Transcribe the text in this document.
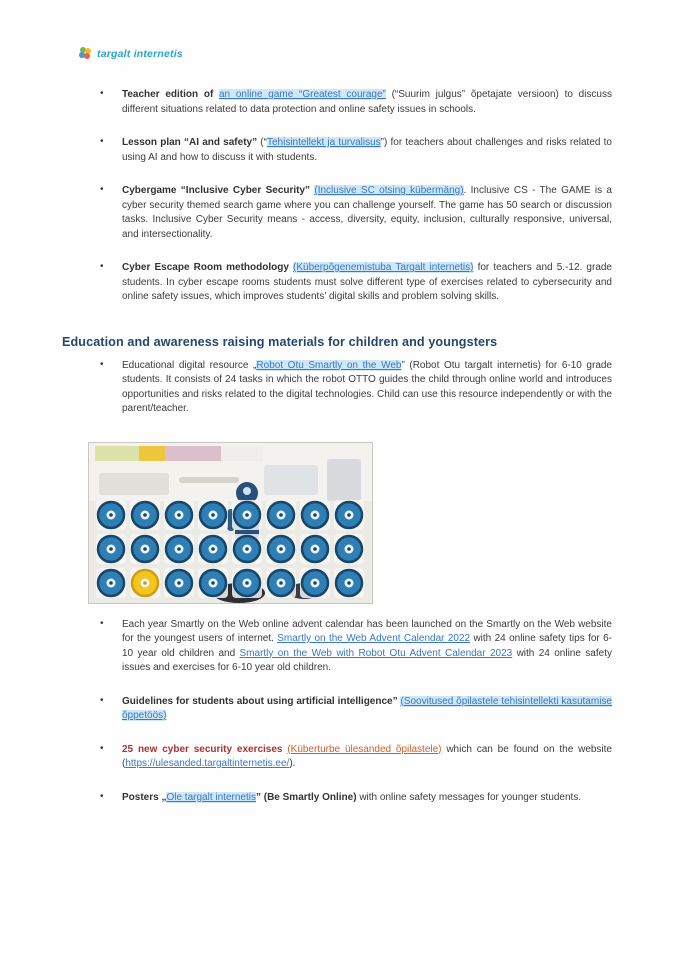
targalt internetis
• Teacher edition of an online game “Greatest courage” (“Suurim julgus” õpetajate versioon) to discuss different situations related to data protection and online safety issues in schools.
• Lesson plan “AI and safety” (“Tehisintellekt ja turvalisus”) for teachers about challenges and risks related to using AI and how to discuss it with students.
• Cybergame “Inclusive Cyber Security” (Inclusive SC otsing kübermäng). Inclusive CS - The GAME is a cyber security themed search game where you can challenge yourself. The game has 50 search or discussion tasks. Inclusive Cyber Security means - access, diversity, equity, inclusion, culturally responsive, universal, and intersectionality.
• Cyber Escape Room methodology (Küberpõgenemistuba Targalt internetis) for teachers and 5.-12. grade students. In cyber escape rooms students must solve different type of exercises related to cybersecurity and online safety issues, which improves students’ digital skills and problem solving skills.
Education and awareness raising materials for children and youngsters
• Educational digital resource „Robot Otu Smartly on the Web” (Robot Otu targalt internetis) for 6-10 grade students. It consists of 24 tasks in which the robot OTTO guides the child through online world and introduces opportunities and risks related to the digital technologies. Child can use this resource independently or with the parent/teacher.
• Each year Smartly on the Web online advent calendar has been launched on the Smartly on the Web website for the youngest users of internet. Smartly on the Web Advent Calendar 2022 with 24 online safety tips for 6-10 year old children and Smartly on the Web with Robot Otu Advent Calendar 2023 with 24 online safety issues and exercises for 6-10 year old children.
• Guidelines for students about using artificial intelligence” (Soovitused õpilastele tehisintellekti kasutamise õppetöös)
• 25 new cyber security exercises (Küberturbe ülesanded õpilastele) which can be found on the website (https://ulesanded.targaltinternetis.ee/).
• Posters „Ole targalt internetis” (Be Smartly Online) with online safety messages for younger students.
